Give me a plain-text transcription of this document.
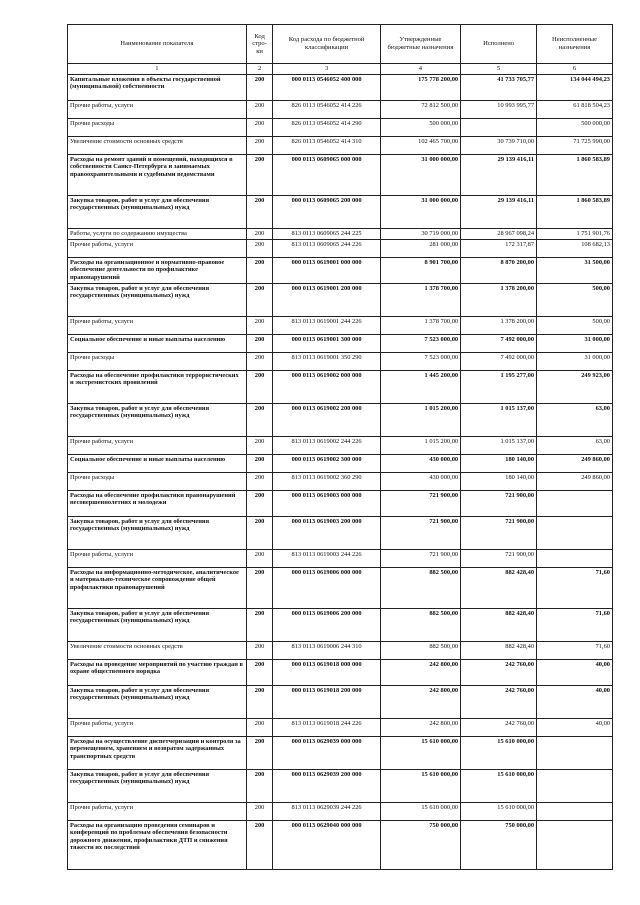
Наименование показателя	Код стро- ки	Код расхода по бюджетной классификации	Утвержденные бюджетные назначения	Исполнено	Неисполненные назначения
1	2	3	4	5	6
Капитальные вложения в объекты государственной (муниципальной) собственности	200	000 0113 0546052 400 000	175 778 200,00	41 733 705,77	134 044 494,23
Прочие работы, услуги	200	826 0113 0546052 414 226	72 812 500,00	10 993 995,77	61 818 504,23
Прочие расходы	200	826 0113 0546052 414 290	500 000,00		500 000,00
Увеличение стоимости основных средств	200	826 0113 0546052 414 310	102 465 700,00	30 739 710,00	71 725 990,00
Расходы на ремонт зданий и помещений, находящихся в собственности Санкт-Петербурга и занимаемых правоохранительными и судебными ведомствами	200	000 0113 0609065 000 000	31 000 000,00	29 139 416,11	1 860 583,89
Закупка товаров, работ и услуг для обеспечения государственных (муниципальных) нужд	200	000 0113 0609065 200 000	31 000 000,00	29 139 416,11	1 860 583,89
Работы, услуги по содержанию имущества	200	813 0113 0609065 244 225	30 719 000,00	28 967 098,24	1 751 901,76
Прочие работы, услуги	200	813 0113 0609065 244 226	281 000,00	172 317,87	108 682,13
Расходы на организационное и нормативно-правовое обеспечение деятельности по профилактике правонарушений	200	000 0113 0619001 000 000	8 901 700,00	8 870 200,00	31 500,00
Закупка товаров, работ и услуг для обеспечения государственных (муниципальных) нужд	200	000 0113 0619001 200 000	1 378 700,00	1 378 200,00	500,00
Прочие работы, услуги	200	813 0113 0619001 244 226	1 378 700,00	1 378 200,00	500,00
Социальное обеспечение и иные выплаты населению	200	000 0113 0619001 300 000	7 523 000,00	7 492 000,00	31 000,00
Прочие расходы	200	813 0113 0619001 350 290	7 523 000,00	7 492 000,00	31 000,00
Расходы на обеспечение профилактики террористических и экстремистских проявлений	200	000 0113 0619002 000 000	1 445 200,00	1 195 277,00	249 923,00
Закупка товаров, работ и услуг для обеспечения государственных (муниципальных) нужд	200	000 0113 0619002 200 000	1 015 200,00	1 015 137,00	63,00
Прочие работы, услуги	200	813 0113 0619002 244 226	1 015 200,00	1 015 137,00	63,00
Социальное обеспечение и иные выплаты населению	200	000 0113 0619002 300 000	430 000,00	180 140,00	249 860,00
Прочие расходы	200	813 0113 0619002 360 290	430 000,00	180 140,00	249 860,00
Расходы на обеспечение профилактики правонарушений несовершеннолетних и молодежи	200	000 0113 0619003 000 000	721 900,00	721 900,00	
Закупка товаров, работ и услуг для обеспечения государственных (муниципальных) нужд	200	000 0113 0619003 200 000	721 900,00	721 900,00	
Прочие работы, услуги	200	813 0113 0619003 244 226	721 900,00	721 900,00	
Расходы на информационно-методическое, аналитическое и материально-техническое сопровождение общей профилактики правонарушений	200	000 0113 0619006 000 000	882 500,00	882 428,40	71,60
Закупка товаров, работ и услуг для обеспечения государственных (муниципальных) нужд	200	000 0113 0619006 200 000	882 500,00	882 428,40	71,60
Увеличение стоимости основных средств	200	813 0113 0619006 244 310	882 500,00	882 428,40	71,60
Расходы на проведение мероприятий по участию граждан в охране общественного порядка	200	000 0113 0619018 000 000	242 800,00	242 760,00	40,00
Закупка товаров, работ и услуг для обеспечения государственных (муниципальных) нужд	200	000 0113 0619018 200 000	242 800,00	242 760,00	40,00
Прочие работы, услуги	200	813 0113 0619018 244 226	242 800,00	242 760,00	40,00
Расходы на осуществление диспетчеризации и контроля за перемещением, хранением и возвратом задержанных транспортных средств	200	000 0113 0629039 000 000	15 610 000,00	15 610 000,00	
Закупка товаров, работ и услуг для обеспечения государственных (муниципальных) нужд	200	000 0113 0629039 200 000	15 610 000,00	15 610 000,00	
Прочие работы, услуги	200	813 0113 0629039 244 226	15 610 000,00	15 610 000,00	
Расходы на организацию проведения семинаров и конференций по проблемам обеспечения безопасности дорожного движения, профилактики ДТП и снижения тяжести их последствий	200	000 0113 0629040 000 000	750 000,00	750 000,00	
